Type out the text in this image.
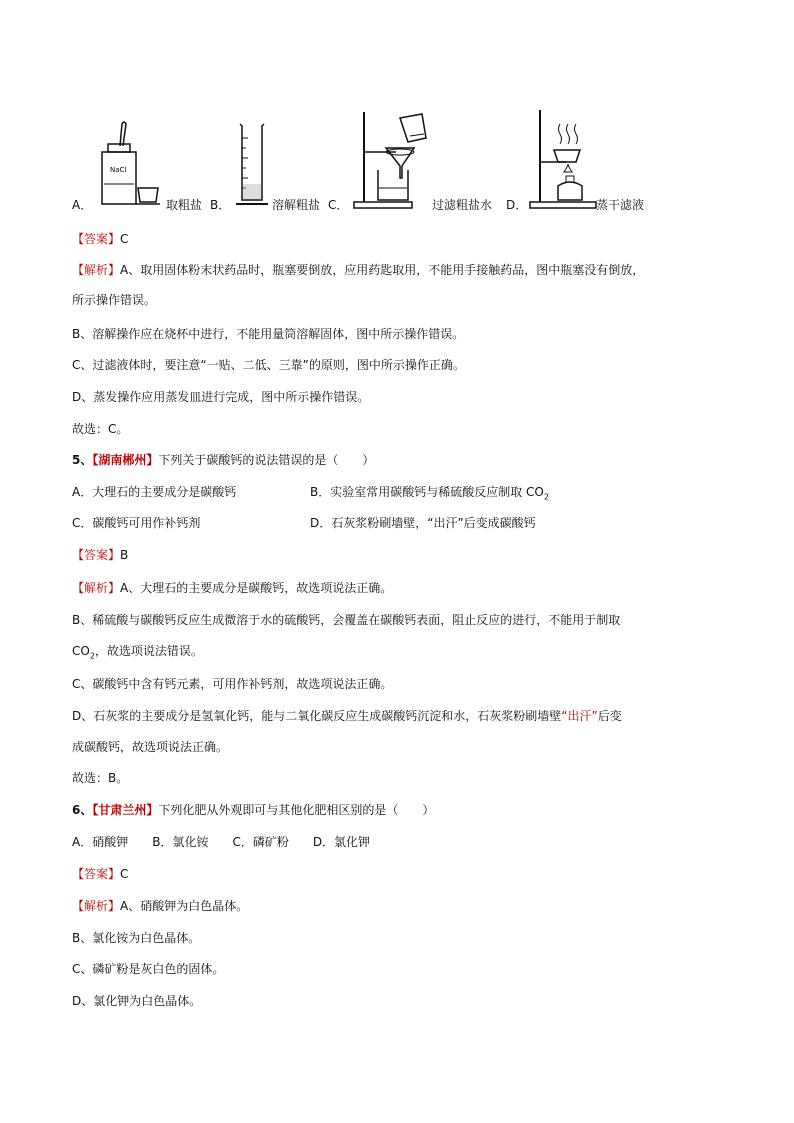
A．
NaCl
取粗盐 B．	溶解粗盐 C．	过滤粗盐水 D．	蒸干滤液
【答案】C
【解析】A、取用固体粉末状药品时，瓶塞要倒放，应用药匙取用，不能用手接触药品，图中瓶塞没有倒放，
所示操作错误。
B、溶解操作应在烧杯中进行，不能用量筒溶解固体，图中所示操作错误。
C、过滤液体时，要注意“一贴、二低、三靠”的原则，图中所示操作正确。
D、蒸发操作应用蒸发皿进行完成，图中所示操作错误。
故选：C。
5、【湖南郴州】下列关于碳酸钙的说法错误的是（　　）
A．大理石的主要成分是碳酸钙	B．实验室常用碳酸钙与稀硫酸反应制取 $CO_2$
C．碳酸钙可用作补钙剂	D．石灰浆粉刷墙壁，“出汗”后变成碳酸钙
【答案】B
【解析】A、大理石的主要成分是碳酸钙，故选项说法正确。
B、稀硫酸与碳酸钙反应生成微溶于水的硫酸钙，会覆盖在碳酸钙表面，阻止反应的进行，不能用于制取
$CO_2$，故选项说法错误。
C、碳酸钙中含有钙元素，可用作补钙剂，故选项说法正确。
D、石灰浆的主要成分是氢氧化钙，能与二氧化碳反应生成碳酸钙沉淀和水，石灰浆粉刷墙壁“出汗”后变
成碳酸钙，故选项说法正确。
故选：B。
6、【甘肃兰州】下列化肥从外观即可与其他化肥相区别的是（　　）
A．硝酸钾　　B．氯化铵　　C．磷矿粉　　D．氯化钾
【答案】C
【解析】A、硝酸钾为白色晶体。
B、氯化铵为白色晶体。
C、磷矿粉是灰白色的固体。
D、氯化钾为白色晶体。
